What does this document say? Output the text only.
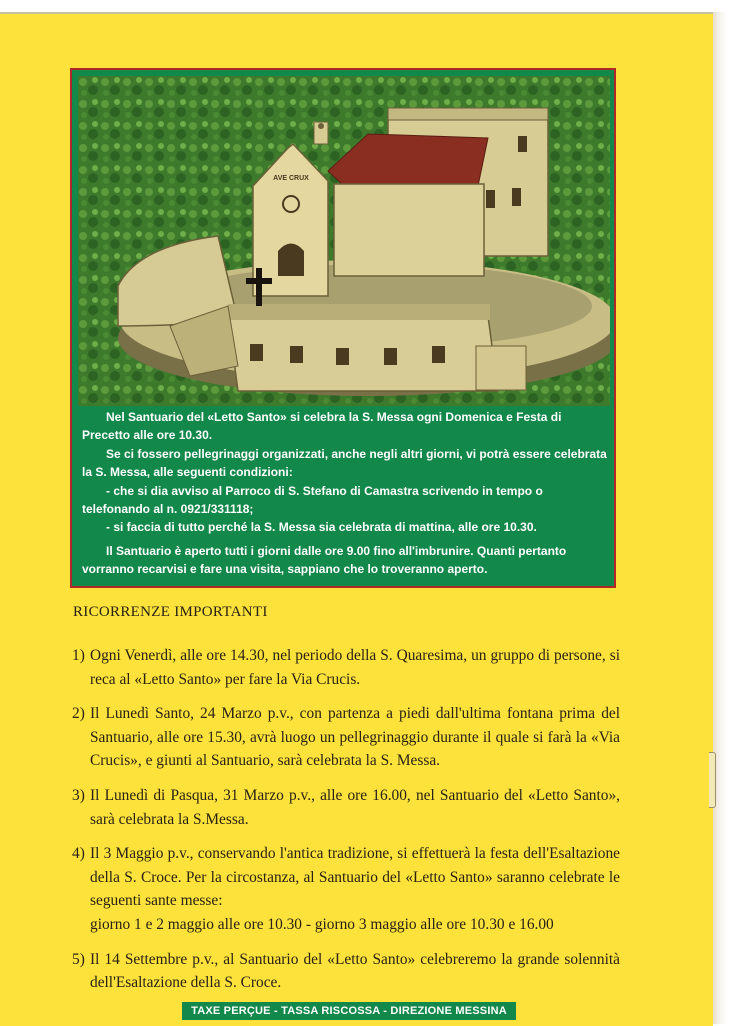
AVE CRUX

Nel Santuario del «Letto Santo» si celebra la S. Messa ogni Domenica e Festa di Precetto alle ore 10.30.

Se ci fossero pellegrinaggi organizzati, anche negli altri giorni, vi potrà essere celebrata la S. Messa, alle seguenti condizioni:

- che si dia avviso al Parroco di S. Stefano di Camastra scrivendo in tempo o telefonando al n. 0921/331118;

- si faccia di tutto perché la S. Messa sia celebrata di mattina, alle ore 10.30.

Il Santuario è aperto tutti i giorni dalle ore 9.00 fino all'imbrunire. Quanti pertanto vorranno recarvisi e fare una visita, sappiano che lo troveranno aperto.

RICORRENZE IMPORTANTI
1) Ogni Venerdì, alle ore 14.30, nel periodo della S. Quaresima, un gruppo di persone, si reca al «Letto Santo» per fare la Via Crucis.
2) Il Lunedì Santo, 24 Marzo p.v., con partenza a piedi dall'ultima fontana prima del Santuario, alle ore 15.30, avrà luogo un pellegrinaggio durante il quale si farà la «Via Crucis», e giunti al Santuario, sarà celebrata la S. Messa.
3) Il Lunedì di Pasqua, 31 Marzo p.v., alle ore 16.00, nel Santuario del «Letto Santo», sarà celebrata la S.Messa.
4) Il 3 Maggio p.v., conservando l'antica tradizione, si effettuerà la festa dell'Esaltazione della S. Croce. Per la circostanza, al Santuario del «Letto Santo» saranno celebrate le seguenti sante messe:
giorno 1 e 2 maggio alle ore 10.30 - giorno 3 maggio alle ore 10.30 e 16.00
5) Il 14 Settembre p.v., al Santuario del «Letto Santo» celebreremo la grande solennità dell'Esaltazione della S. Croce.
TAXE PERÇUE - TASSA RISCOSSA - DIREZIONE MESSINA
